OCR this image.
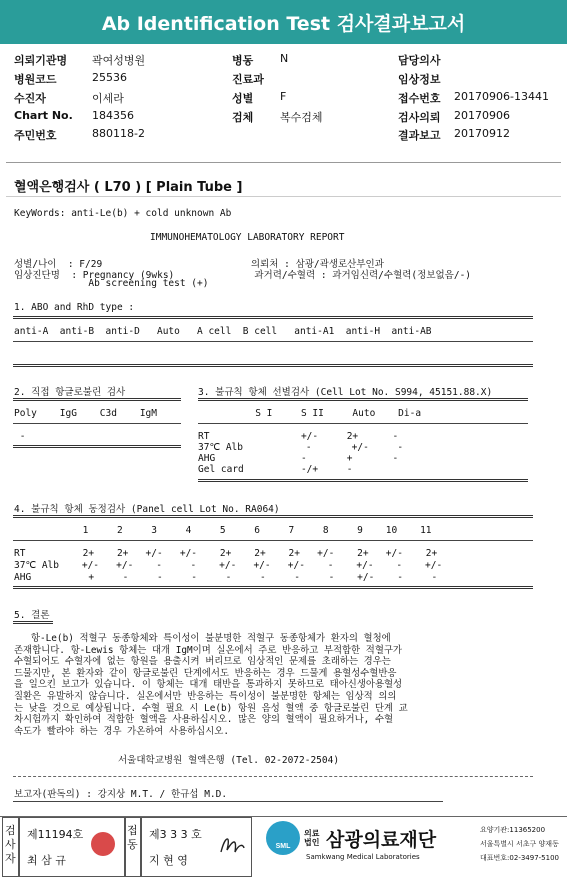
Ab Identification Test 검사결과보고서
의뢰기관명 곽여성병원
병원코드	25536
수진자	이세라
Chart No. 184356
주민번호	880118-2
병동 N
진료과
성별 F
검체 복수검체
담당의사
임상정보
접수번호 20170906-13441
검사의뢰 20170906
결과보고 20170912
혈액은행검사 ( L70 ) [ Plain Tube ]
KeyWords: anti-Le(b) + cold unknown Ab
IMMUNOHEMATOLOGY LABORATORY REPORT
성별/나이  : F/29                          의뢰처 : 삼광/곽생로산부인과
임상진단명  : Pregnancy (9wks)              과거력/수혈력 : 과거임신력/수혈력(정보없음/-)
Ab screening test (+)
1. ABO and RhD type :
anti-A  anti-B  anti-D   Auto   A cell  B cell   anti-A1  anti-H  anti-AB
2. 직접 항글로불린 검사	3. 불규칙 항체 선별검사 (Cell Lot No. S994, 45151.88.X)
Poly    IgG    C3d    IgM	S I     S II     Auto    Di-a
-	RT                +/-     2+      -
37℃ Alb           -       +/-     -
AHG               -       +       -
Gel card          -/+     -
4. 불규칙 항체 동정검사 (Panel cell Lot No. RA064)
1     2     3     4     5     6     7     8     9    10    11
RT          2+    2+   +/-   +/-    2+    2+    2+   +/-    2+   +/-    2+
37℃ Alb    +/-   +/-    -     -    +/-   +/-   +/-    -    +/-    -    +/-
AHG          +     -     -     -     -     -     -     -    +/-    -     -
5. 결론
항-Le(b) 적혈구 동종항체와 특이성이 불분명한 적혈구 동종항체가 환자의 혈청에
존재합니다. 항-Lewis 항체는 대개 IgM이며 실온에서 주로 반응하고 부적합한 적혈구가
수혈되어도 수혈자에 없는 항원을 용출시켜 버리므로 임상적인 문제를 초래하는 경우는
드물지만, 본 환자와 같이 항글로불린 단계에서도 반응하는 경우 드물게 용혈성수혈반응
을 일으킨 보고가 있습니다. 이 항체는 대개 태반을 통과하지 못하므로 태아신생아용혈성
질환은 유발하지 않습니다. 실온에서만 반응하는 특이성이 불분명한 항체는 임상적 의의
는 낮을 것으로 예상됩니다. 수혈 필요 시 Le(b) 항원 음성 혈액 중 항글로불린 단계 교
차시험까지 확인하여 적합한 혈액을 사용하십시오. 많은 양의 혈액이 필요하거나, 수혈
속도가 빨라야 하는 경우 가온하여 사용하십시오.
서울대학교병원 혈액은행 (Tel. 02-2072-2504)
보고자(판독의) : 강지상 M.T. / 한규섭 M.D.
검사자
제11194호
최 삼 규
접동
제3 3 3 호
지 현 영
SML
의료
법인 삼광의료재단
Samkwang Medical Laboratories
요양기관:11365200
서울특별시 서초구 양재동
대표번호:02-3497-5100
